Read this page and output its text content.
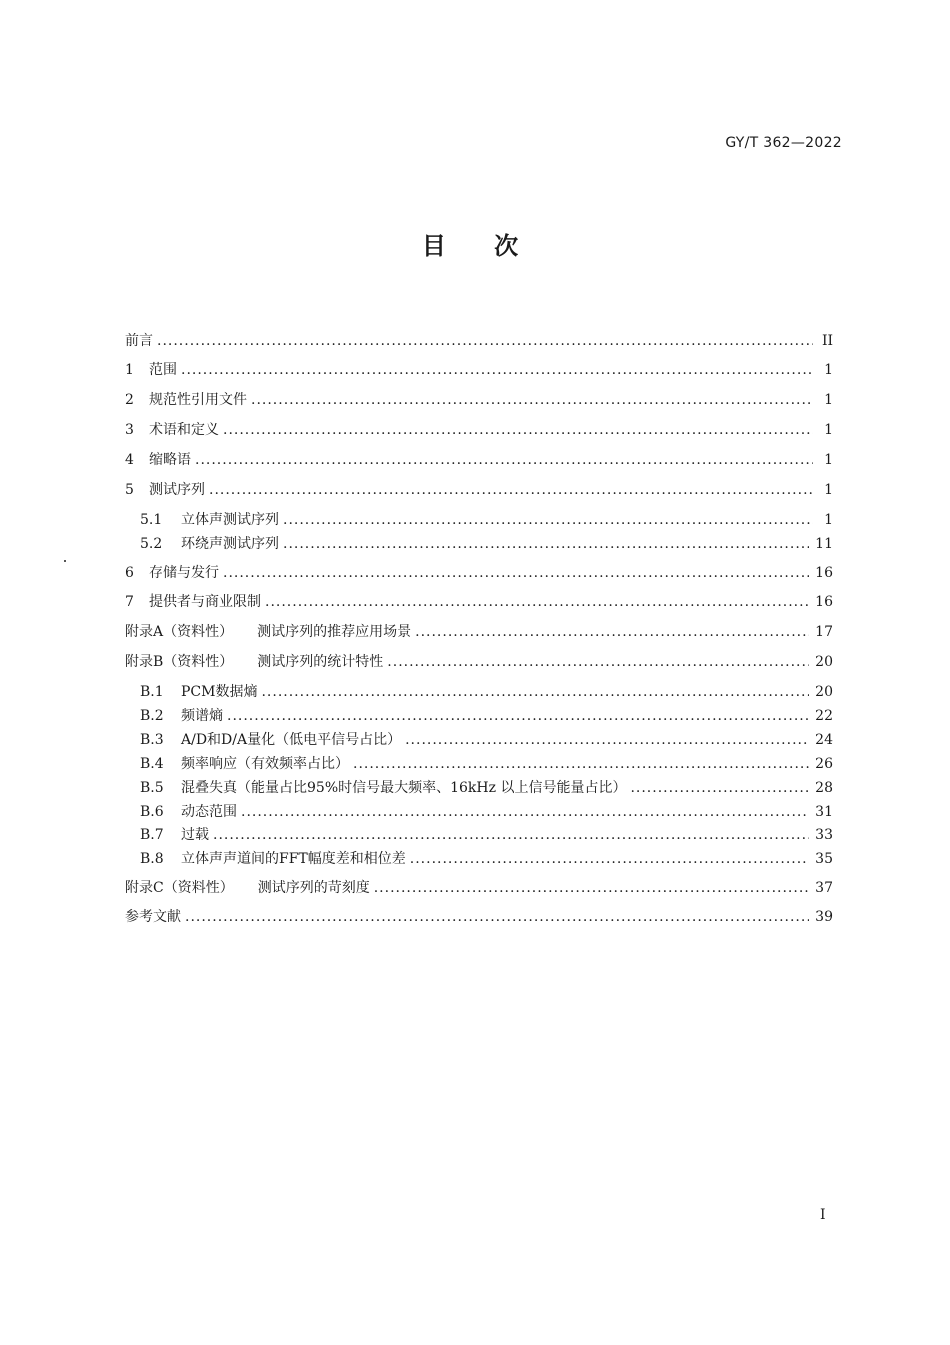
GY/T 362—2022
目 次
前言 .....	II
1	范围 .....	1
2	规范性引用文件 .....	1
3	术语和定义 .....	1
4	缩略语 .....	1
5	测试序列 .....	1
5.1	立体声测试序列 .....	1
5.2	环绕声测试序列 .....	11
6	存储与发行 .....	16
7	提供者与商业限制 .....	16
附录A（资料性） 测试序列的推荐应用场景 .....	17
附录B（资料性） 测试序列的统计特性 .....	20
B.1	PCM数据熵 .....	20
B.2	频谱熵 .....	22
B.3	A/D和D/A量化（低电平信号占比） .....	24
B.4	频率响应（有效频率占比） .....	26
B.5	混叠失真（能量占比95%时信号最大频率、16kHz 以上信号能量占比） .....	28
B.6	动态范围 .....	31
B.7	过载 .....	33
B.8	立体声声道间的FFT幅度差和相位差 .....	35
附录C（资料性） 测试序列的苛刻度 .....	37
参考文献 .....	39
I
